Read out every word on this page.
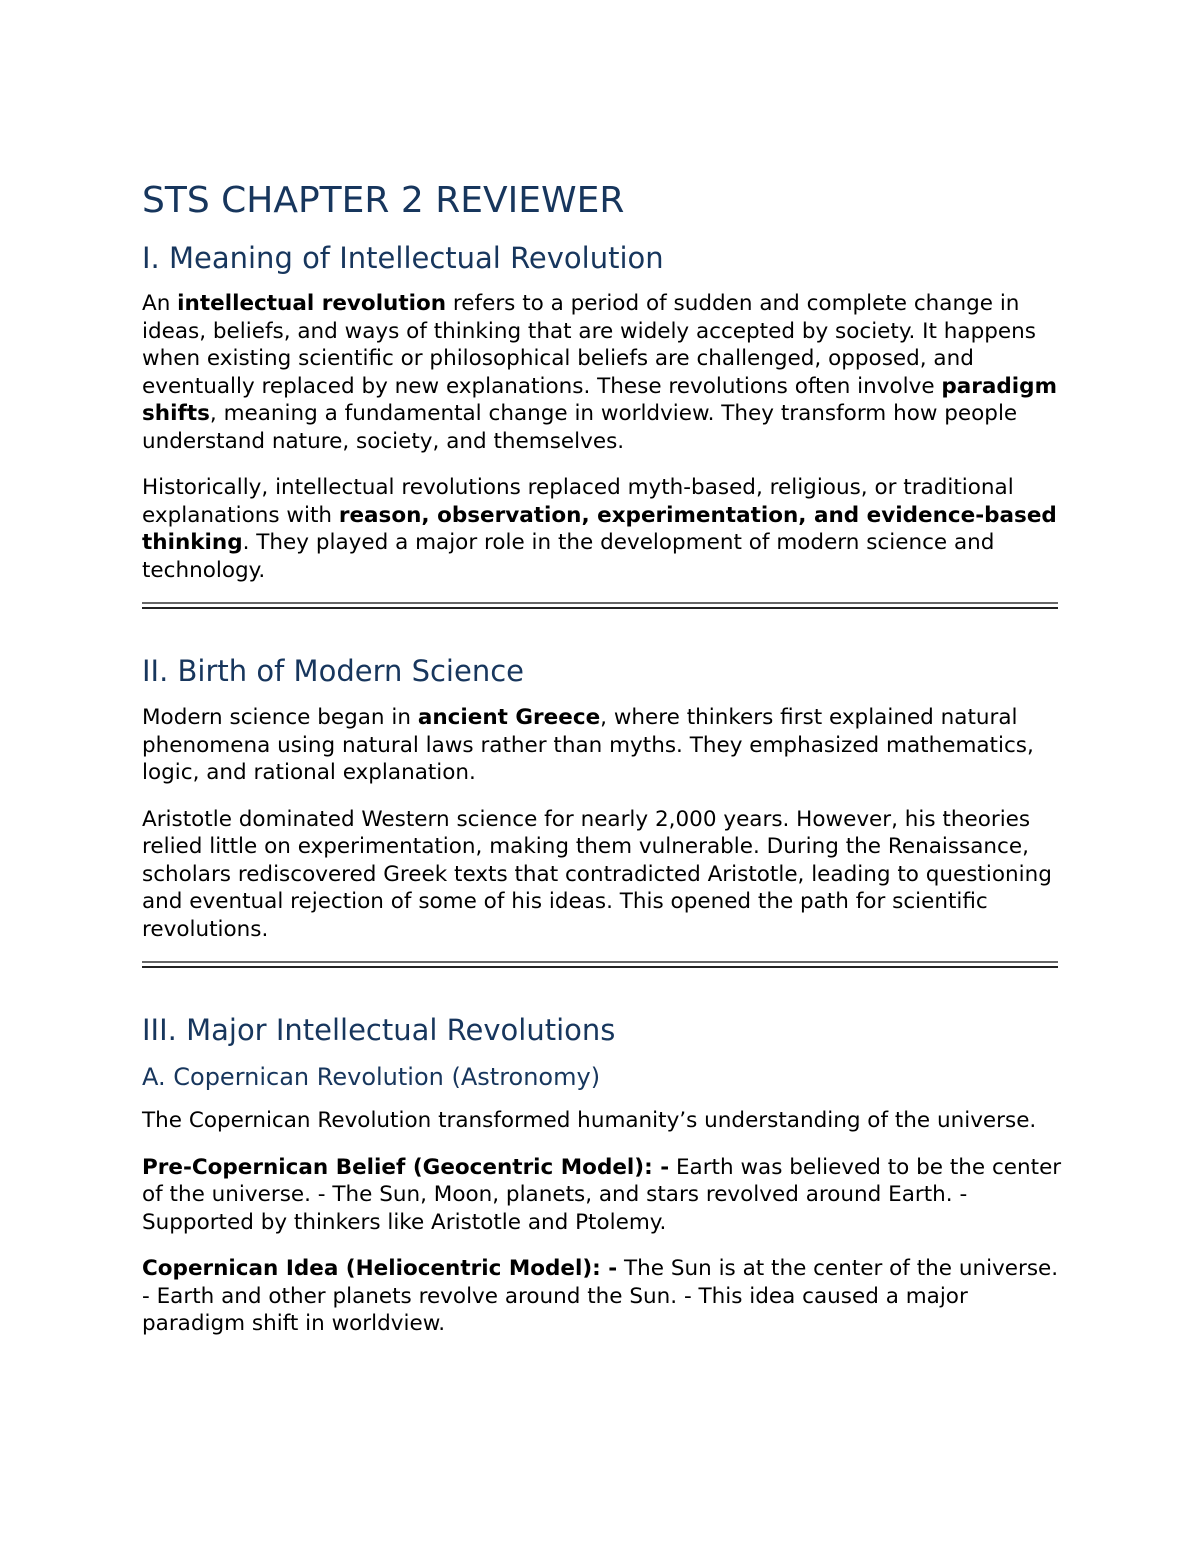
STS CHAPTER 2 REVIEWER
I. Meaning of Intellectual Revolution

An intellectual revolution refers to a period of sudden and complete change in ideas, beliefs, and ways of thinking that are widely accepted by society. It happens when existing scientific or philosophical beliefs are challenged, opposed, and eventually replaced by new explanations. These revolutions often involve paradigm shifts, meaning a fundamental change in worldview. They transform how people understand nature, society, and themselves.

Historically, intellectual revolutions replaced myth-based, religious, or traditional explanations with reason, observation, experimentation, and evidence-based thinking. They played a major role in the development of modern science and technology.

II. Birth of Modern Science

Modern science began in ancient Greece, where thinkers first explained natural phenomena using natural laws rather than myths. They emphasized mathematics, logic, and rational explanation.

Aristotle dominated Western science for nearly 2,000 years. However, his theories relied little on experimentation, making them vulnerable. During the Renaissance, scholars rediscovered Greek texts that contradicted Aristotle, leading to questioning and eventual rejection of some of his ideas. This opened the path for scientific revolutions.

III. Major Intellectual Revolutions
A. Copernican Revolution (Astronomy)

The Copernican Revolution transformed humanity’s understanding of the universe.

Pre-Copernican Belief (Geocentric Model): - Earth was believed to be the center of the universe. - The Sun, Moon, planets, and stars revolved around Earth. - Supported by thinkers like Aristotle and Ptolemy.

Copernican Idea (Heliocentric Model): - The Sun is at the center of the universe. - Earth and other planets revolve around the Sun. - This idea caused a major paradigm shift in worldview.
